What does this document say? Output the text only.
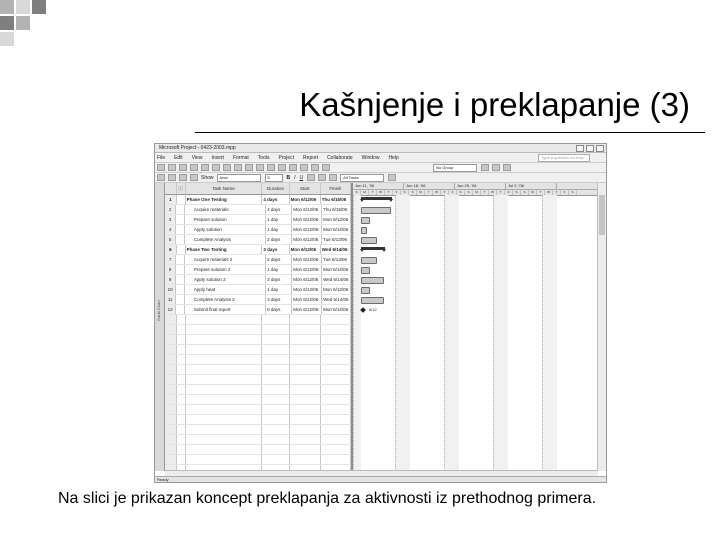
Kašnjenje i preklapanje (3)
Microsoft Project - 0423-2003.mpp
File Edit View Insert Format Tools Project Report Collaborate Window Help	Type a question for help
No Group
Show	Arial	8	B I U	All Tasks
Gantt Chart
ⓘ	Task Name	Duration	Start	Finish
1	Phase One Testing	4 days	Mon 6/12/06	Thu 6/15/06
2	Acquire materials	4 days	Mon 6/12/06	Thu 6/15/06
3	Prepare solution	1 day	Mon 6/12/06	Mon 6/12/06
4	Apply solution	1 day	Mon 6/12/06	Mon 6/12/06
5	Complete Analysis	2 days	Mon 6/12/06	Tue 6/13/06
6	Phase Two Testing	3 days	Mon 6/12/06	Wed 6/14/06
7	Acquire materials 2	2 days	Mon 6/12/06	Tue 6/13/06
8	Prepare solution 2	1 day	Mon 6/12/06	Mon 6/12/06
9	Apply solution 2	3 days	Mon 6/12/06	Wed 6/14/06
10	Apply heat	1 day	Mon 6/12/06	Mon 6/12/06
11	Complete Analysis 2	3 days	Mon 6/12/06	Wed 6/14/06
12	Submit final report	0 days	Mon 6/12/06	Mon 6/12/06
Jun 11, '06	Jun 18, '06	Jun 25, '06	Jul 2, '06
S	M	T	W	T	F	S	S	M	T	W	T	F	S	S	M	T	W	T	F	S	S	M	T	W	T	F	S
6/12
Ready
Na slici je prikazan koncept preklapanja za aktivnosti iz prethodnog primera.
